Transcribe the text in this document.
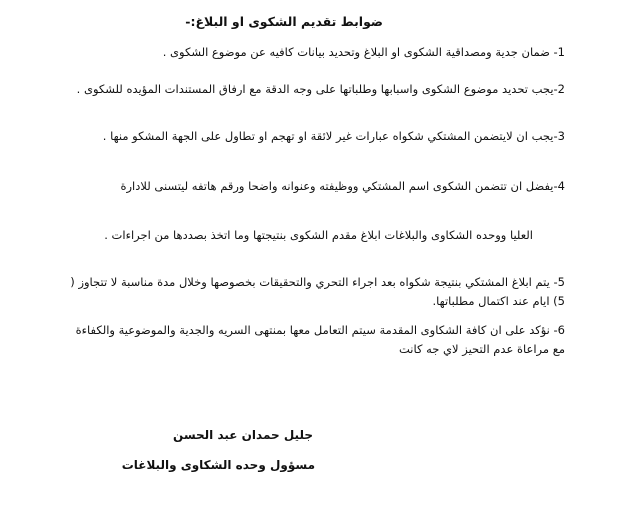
ضوابط تقديم الشكوى او البلاغ:-
1- ضمان جدية ومصداقية الشكوى او البلاغ وتحديد بيانات كافيه عن موضوع الشكوى .
2-يجب تحديد موضوع الشكوى واسبابها وطلباتها على وجه الدقة مع ارفاق المستندات المؤيده للشكوى .
3-يجب ان لايتضمن المشتكي شكواه عبارات غير لائقة او تهجم او تطاول على الجهة المشكو منها .
4-يفضل ان تتضمن الشكوى اسم المشتكي ووظيفته وعنوانه واضحا ورقم هاتفه ليتسنى للادارة
العليا ووحده الشكاوى والبلاغات ابلاغ مقدم الشكوى بنتيجتها وما اتخذ بصددها من اجراءات .
5- يتم ابلاغ المشتكي بنتيجة شكواه بعد اجراء التحري والتحقيقات بخصوصها وخلال مدة مناسبة لا تتجاوز ( 5) ايام عند اكتمال مطلباتها.
6- نؤكد على ان كافة الشكاوى المقدمة سيتم التعامل معها بمنتهى السريه والجدية والموضوعية والكفاءة مع مراعاة عدم التحيز لاي جه كانت
جليل حمدان عبد الحسن
مسؤول وحده الشكاوى والبلاغات
